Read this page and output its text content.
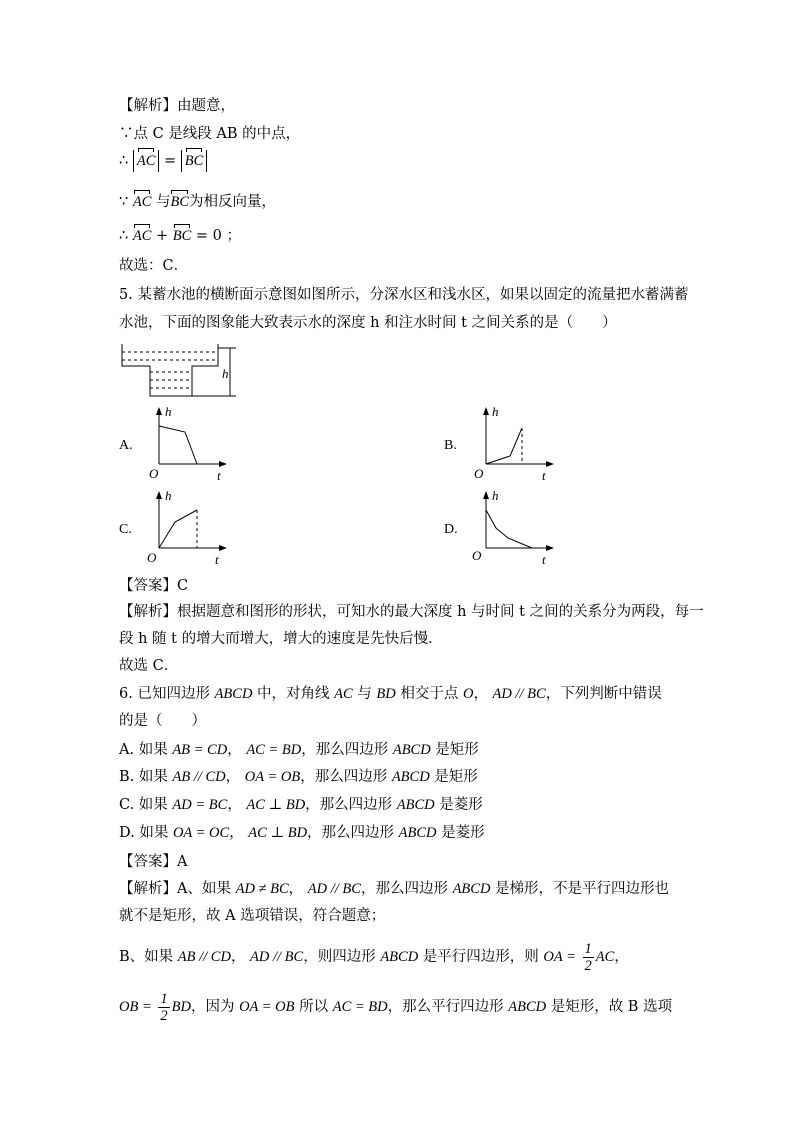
【解析】由题意，
∵点 C 是线段 AB 的中点，
∴ AC = BC
∵ AC 与BC为相反向量，
∴ AC + BC = 0 ；
故选：C．
5. 某蓄水池的横断面示意图如图所示，分深水区和浅水区，如果以固定的流量把水蓄满蓄
水池，下面的图象能大致表示水的深度 h 和注水时间 t 之间关系的是（　　）
h
A.
h
O	t
B.
h
O	t
C.
h
O	t
D.
h
O	t
【答案】C
【解析】根据题意和图形的形状，可知水的最大深度 h 与时间 t 之间的关系分为两段，每一
段 h 随 t 的增大而增大，增大的速度是先快后慢．
故选 C．
6. 已知四边形 ABCD 中，对角线 AC 与 BD 相交于点 O， AD // BC，下列判断中错误
的是（　　）
A. 如果 AB = CD， AC = BD，那么四边形 ABCD 是矩形
B. 如果 AB // CD， OA = OB，那么四边形 ABCD 是矩形
C. 如果 AD = BC， AC ⊥ BD，那么四边形 ABCD 是菱形
D. 如果 OA = OC， AC ⊥ BD，那么四边形 ABCD 是菱形
【答案】A
【解析】A、如果 AD ≠ BC， AD // BC，那么四边形 ABCD 是梯形，不是平行四边形也
就不是矩形，故 A 选项错误，符合题意；
B、如果 AB // CD， AD // BC，则四边形 ABCD 是平行四边形，则 OA = $\frac{1}{2}$ AC，
OB = $\frac{1}{2}$ BD，因为 OA = OB 所以 AC = BD，那么平行四边形 ABCD 是矩形，故 B 选项
